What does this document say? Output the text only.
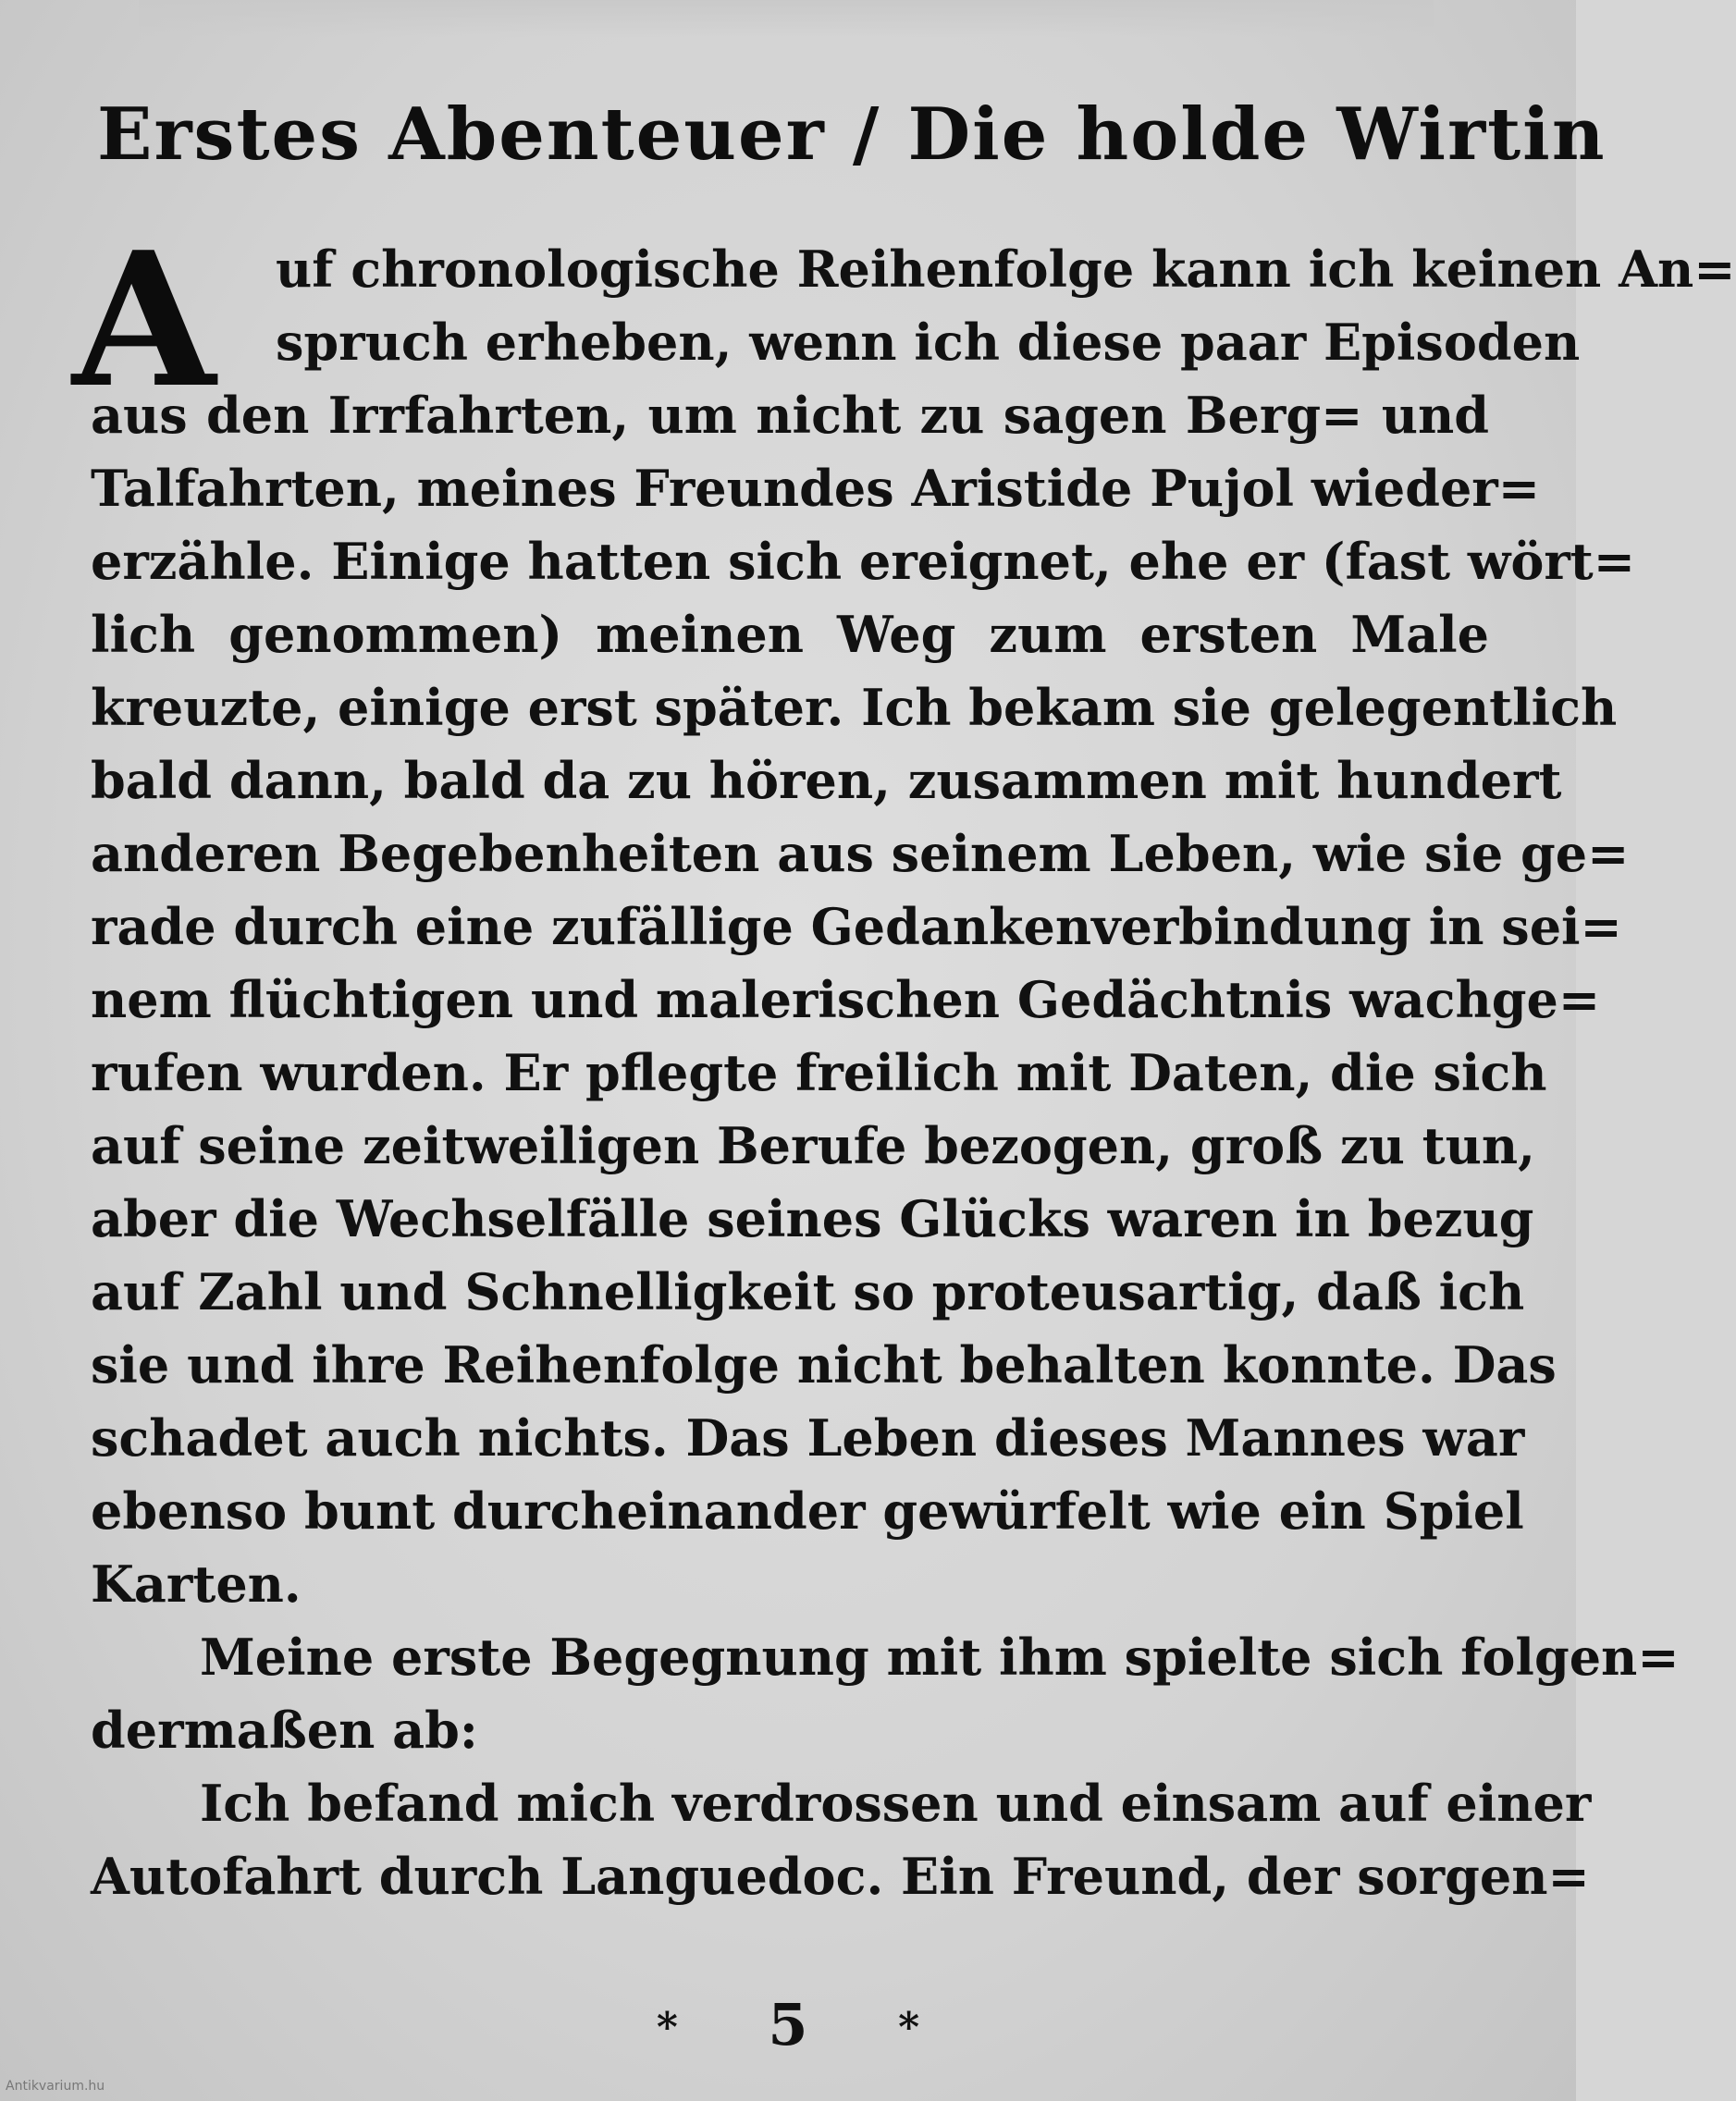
Erstes Abenteuer / Die holde Wirtin
A	uf chronologische Reihenfolge kann ich keinen An=
spruch erheben, wenn ich diese paar Episoden
aus den Irrfahrten, um nicht zu sagen Berg= und
Talfahrten, meines Freundes Aristide Pujol wieder=
erzähle. Einige hatten sich ereignet, ehe er (fast wört=
lich genommen) meinen Weg zum ersten Male
kreuzte, einige erst später. Ich bekam sie gelegentlich
bald dann, bald da zu hören, zusammen mit hundert
anderen Begebenheiten aus seinem Leben, wie sie ge=
rade durch eine zufällige Gedankenverbindung in sei=
nem flüchtigen und malerischen Gedächtnis wachge=
rufen wurden. Er pflegte freilich mit Daten, die sich
auf seine zeitweiligen Berufe bezogen, groß zu tun,
aber die Wechselfälle seines Glücks waren in bezug
auf Zahl und Schnelligkeit so proteusartig, daß ich
sie und ihre Reihenfolge nicht behalten konnte. Das
schadet auch nichts. Das Leben dieses Mannes war
ebenso bunt durcheinander gewürfelt wie ein Spiel
Karten.
Meine erste Begegnung mit ihm spielte sich folgen=
dermaßen ab:
Ich befand mich verdrossen und einsam auf einer
Autofahrt durch Languedoc. Ein Freund, der sorgen=
* 5 *
Antikvarium.hu
